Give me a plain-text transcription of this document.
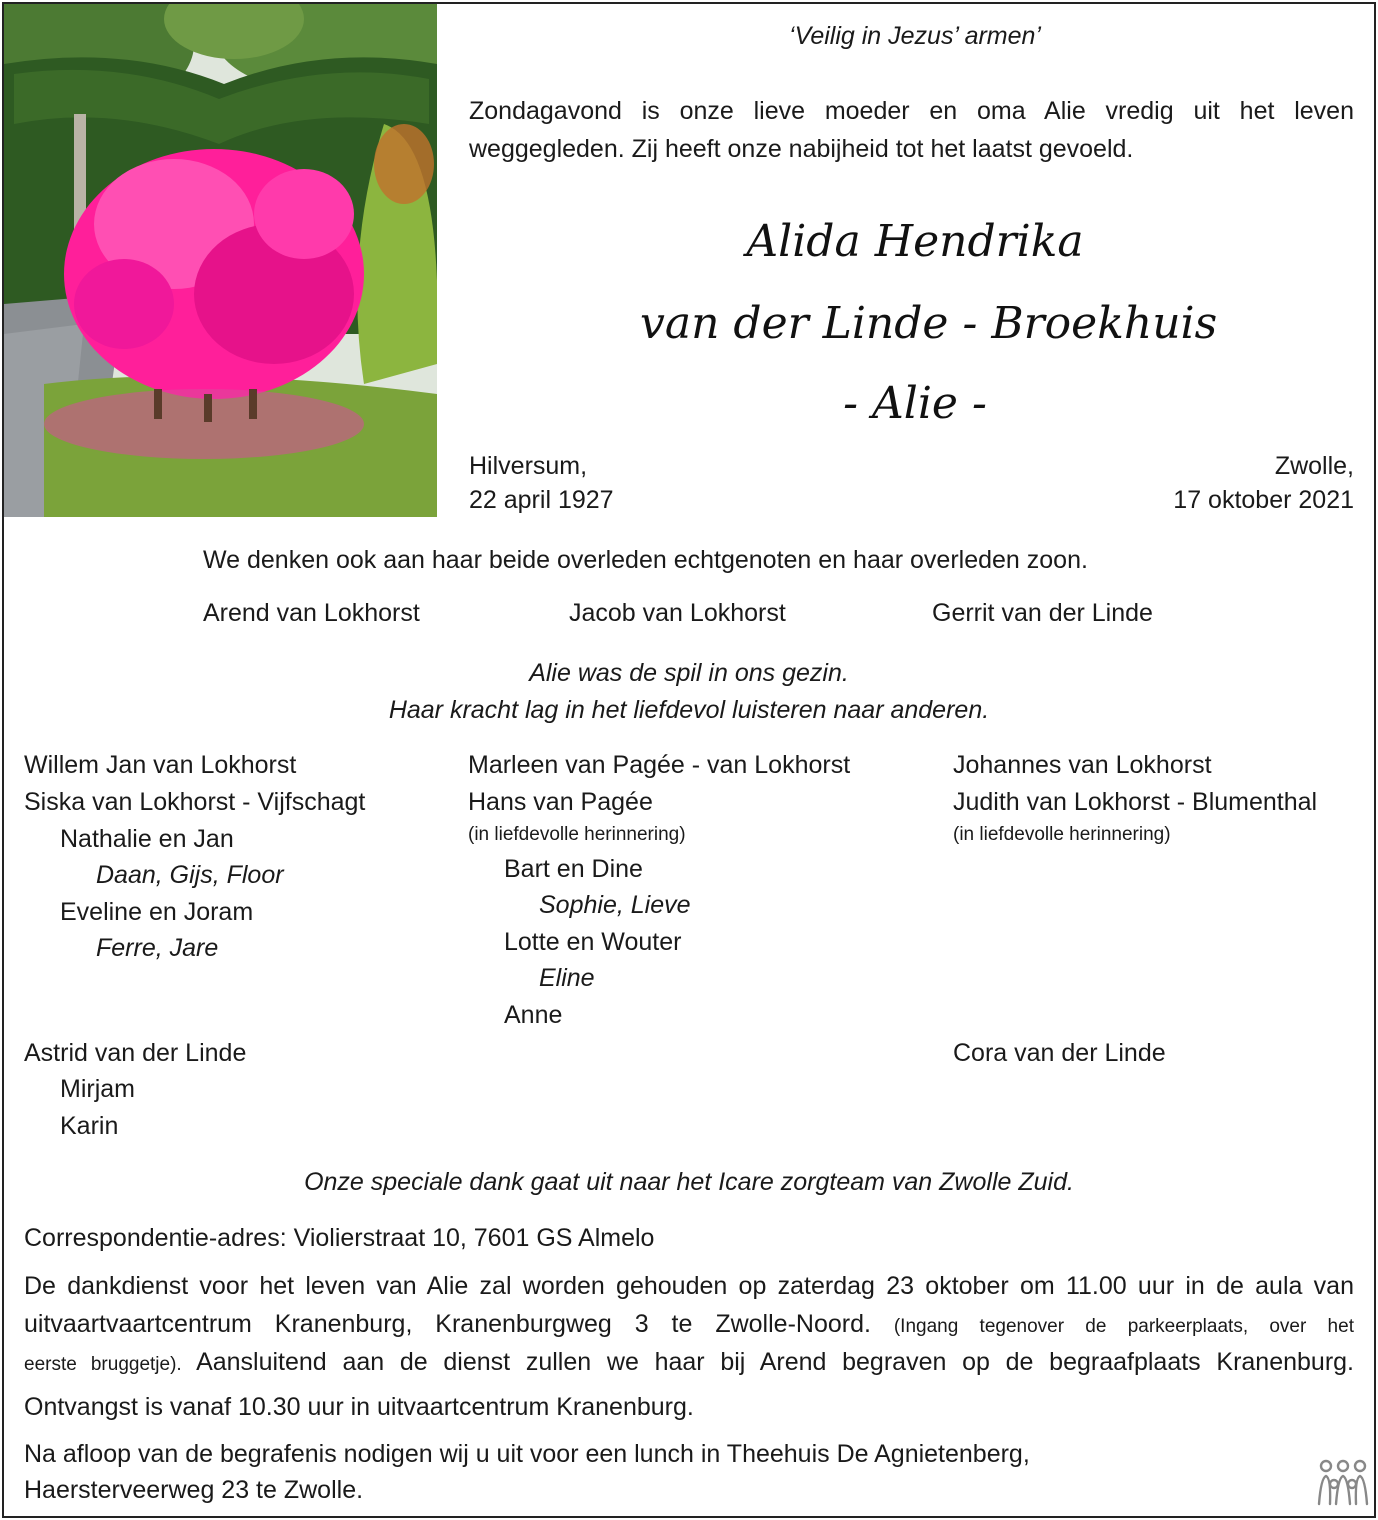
‘Veilig in Jezus’ armen’
Zondagavond is onze lieve moeder en oma Alie vredig uit het leven
weggegleden. Zij heeft onze nabijheid tot het laatst gevoeld.
Alida Hendrika
van der Linde - Broekhuis
- Alie -
Hilversum,
22 april 1927
Zwolle,
17 oktober 2021
We denken ook aan haar beide overleden echtgenoten en haar overleden zoon.
Arend van Lokhorst	Jacob van Lokhorst	Gerrit van der Linde
Alie was de spil in ons gezin.
Haar kracht lag in het liefdevol luisteren naar anderen.
Willem Jan van Lokhorst
Siska van Lokhorst - Vijfschagt
Nathalie en Jan
Daan, Gijs, Floor
Eveline en Joram
Ferre, Jare
Marleen van Pagée - van Lokhorst
Hans van Pagée
(in liefdevolle herinnering)
Bart en Dine
Sophie, Lieve
Lotte en Wouter
Eline
Anne
Johannes van Lokhorst
Judith van Lokhorst - Blumenthal
(in liefdevolle herinnering)
Astrid van der Linde
Mirjam
Karin
Cora van der Linde
Onze speciale dank gaat uit naar het Icare zorgteam van Zwolle Zuid.
Correspondentie-adres: Violierstraat 10, 7601 GS Almelo
De dankdienst voor het leven van Alie zal worden gehouden op zaterdag 23 oktober om 11.00 uur in de aula van
uitvaartvaartcentrum Kranenburg, Kranenburgweg 3 te Zwolle-Noord. (Ingang tegenover de parkeerplaats, over het
eerste bruggetje). Aansluitend aan de dienst zullen we haar bij Arend begraven op de begraafplaats Kranenburg.
Ontvangst is vanaf 10.30 uur in uitvaartcentrum Kranenburg.
Na afloop van de begrafenis nodigen wij u uit voor een lunch in Theehuis De Agnietenberg,
Haersterveerweg 23 te Zwolle.
